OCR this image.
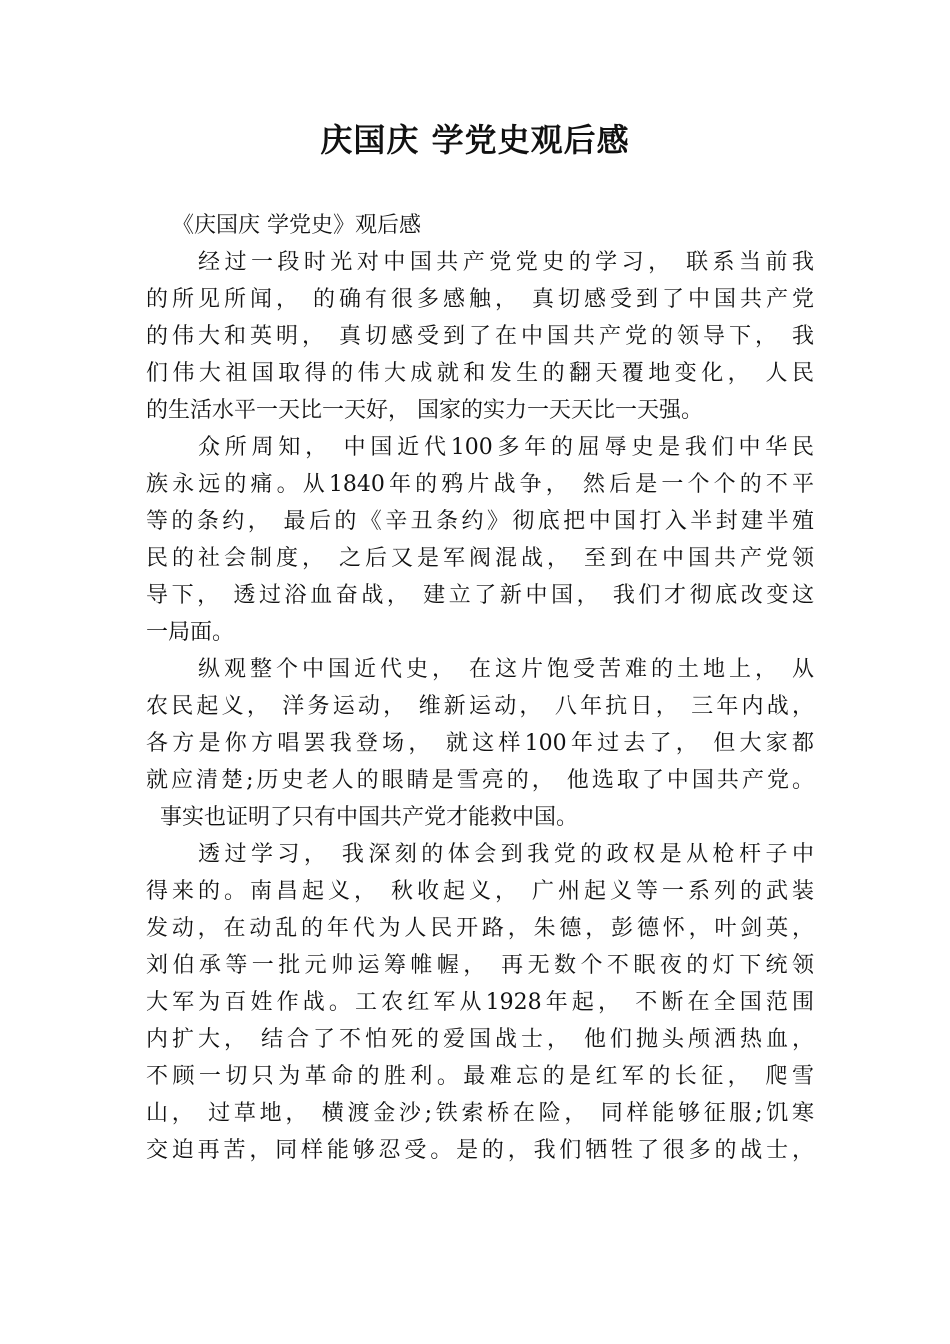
庆国庆 学党史观后感

《庆国庆 学党史》观后感

经过一段时光对中国共产党党史的学习， 联系当前我
的所见所闻， 的确有很多感触， 真切感受到了中国共产党
的伟大和英明， 真切感受到了在中国共产党的领导下， 我
们伟大祖国取得的伟大成就和发生的翻天覆地变化， 人民
的生活水平一天比一天好， 国家的实力一天天比一天强。
众所周知， 中国近代100多年的屈辱史是我们中华民
族永远的痛。从1840年的鸦片战争， 然后是一个个的不平
等的条约， 最后的《辛丑条约》彻底把中国打入半封建半殖
民的社会制度， 之后又是军阀混战， 至到在中国共产党领
导下， 透过浴血奋战， 建立了新中国， 我们才彻底改变这
一局面。
纵观整个中国近代史， 在这片饱受苦难的土地上， 从
农民起义， 洋务运动， 维新运动， 八年抗日， 三年内战，
各方是你方唱罢我登场， 就这样100年过去了， 但大家都
就应清楚;历史老人的眼睛是雪亮的， 他选取了中国共产党。
事实也证明了只有中国共产党才能救中国。
透过学习， 我深刻的体会到我党的政权是从枪杆子中
得来的。南昌起义， 秋收起义， 广州起义等一系列的武装
发动，在动乱的年代为人民开路，朱德，彭德怀，叶剑英，
刘伯承等一批元帅运筹帷幄， 再无数个不眠夜的灯下统领
大军为百姓作战。工农红军从1928年起， 不断在全国范围
内扩大， 结合了不怕死的爱国战士， 他们抛头颅洒热血，
不顾一切只为革命的胜利。最难忘的是红军的长征， 爬雪
山， 过草地， 横渡金沙;铁索桥在险， 同样能够征服;饥寒
交迫再苦，同样能够忍受。是的，我们牺牲了很多的战士，
